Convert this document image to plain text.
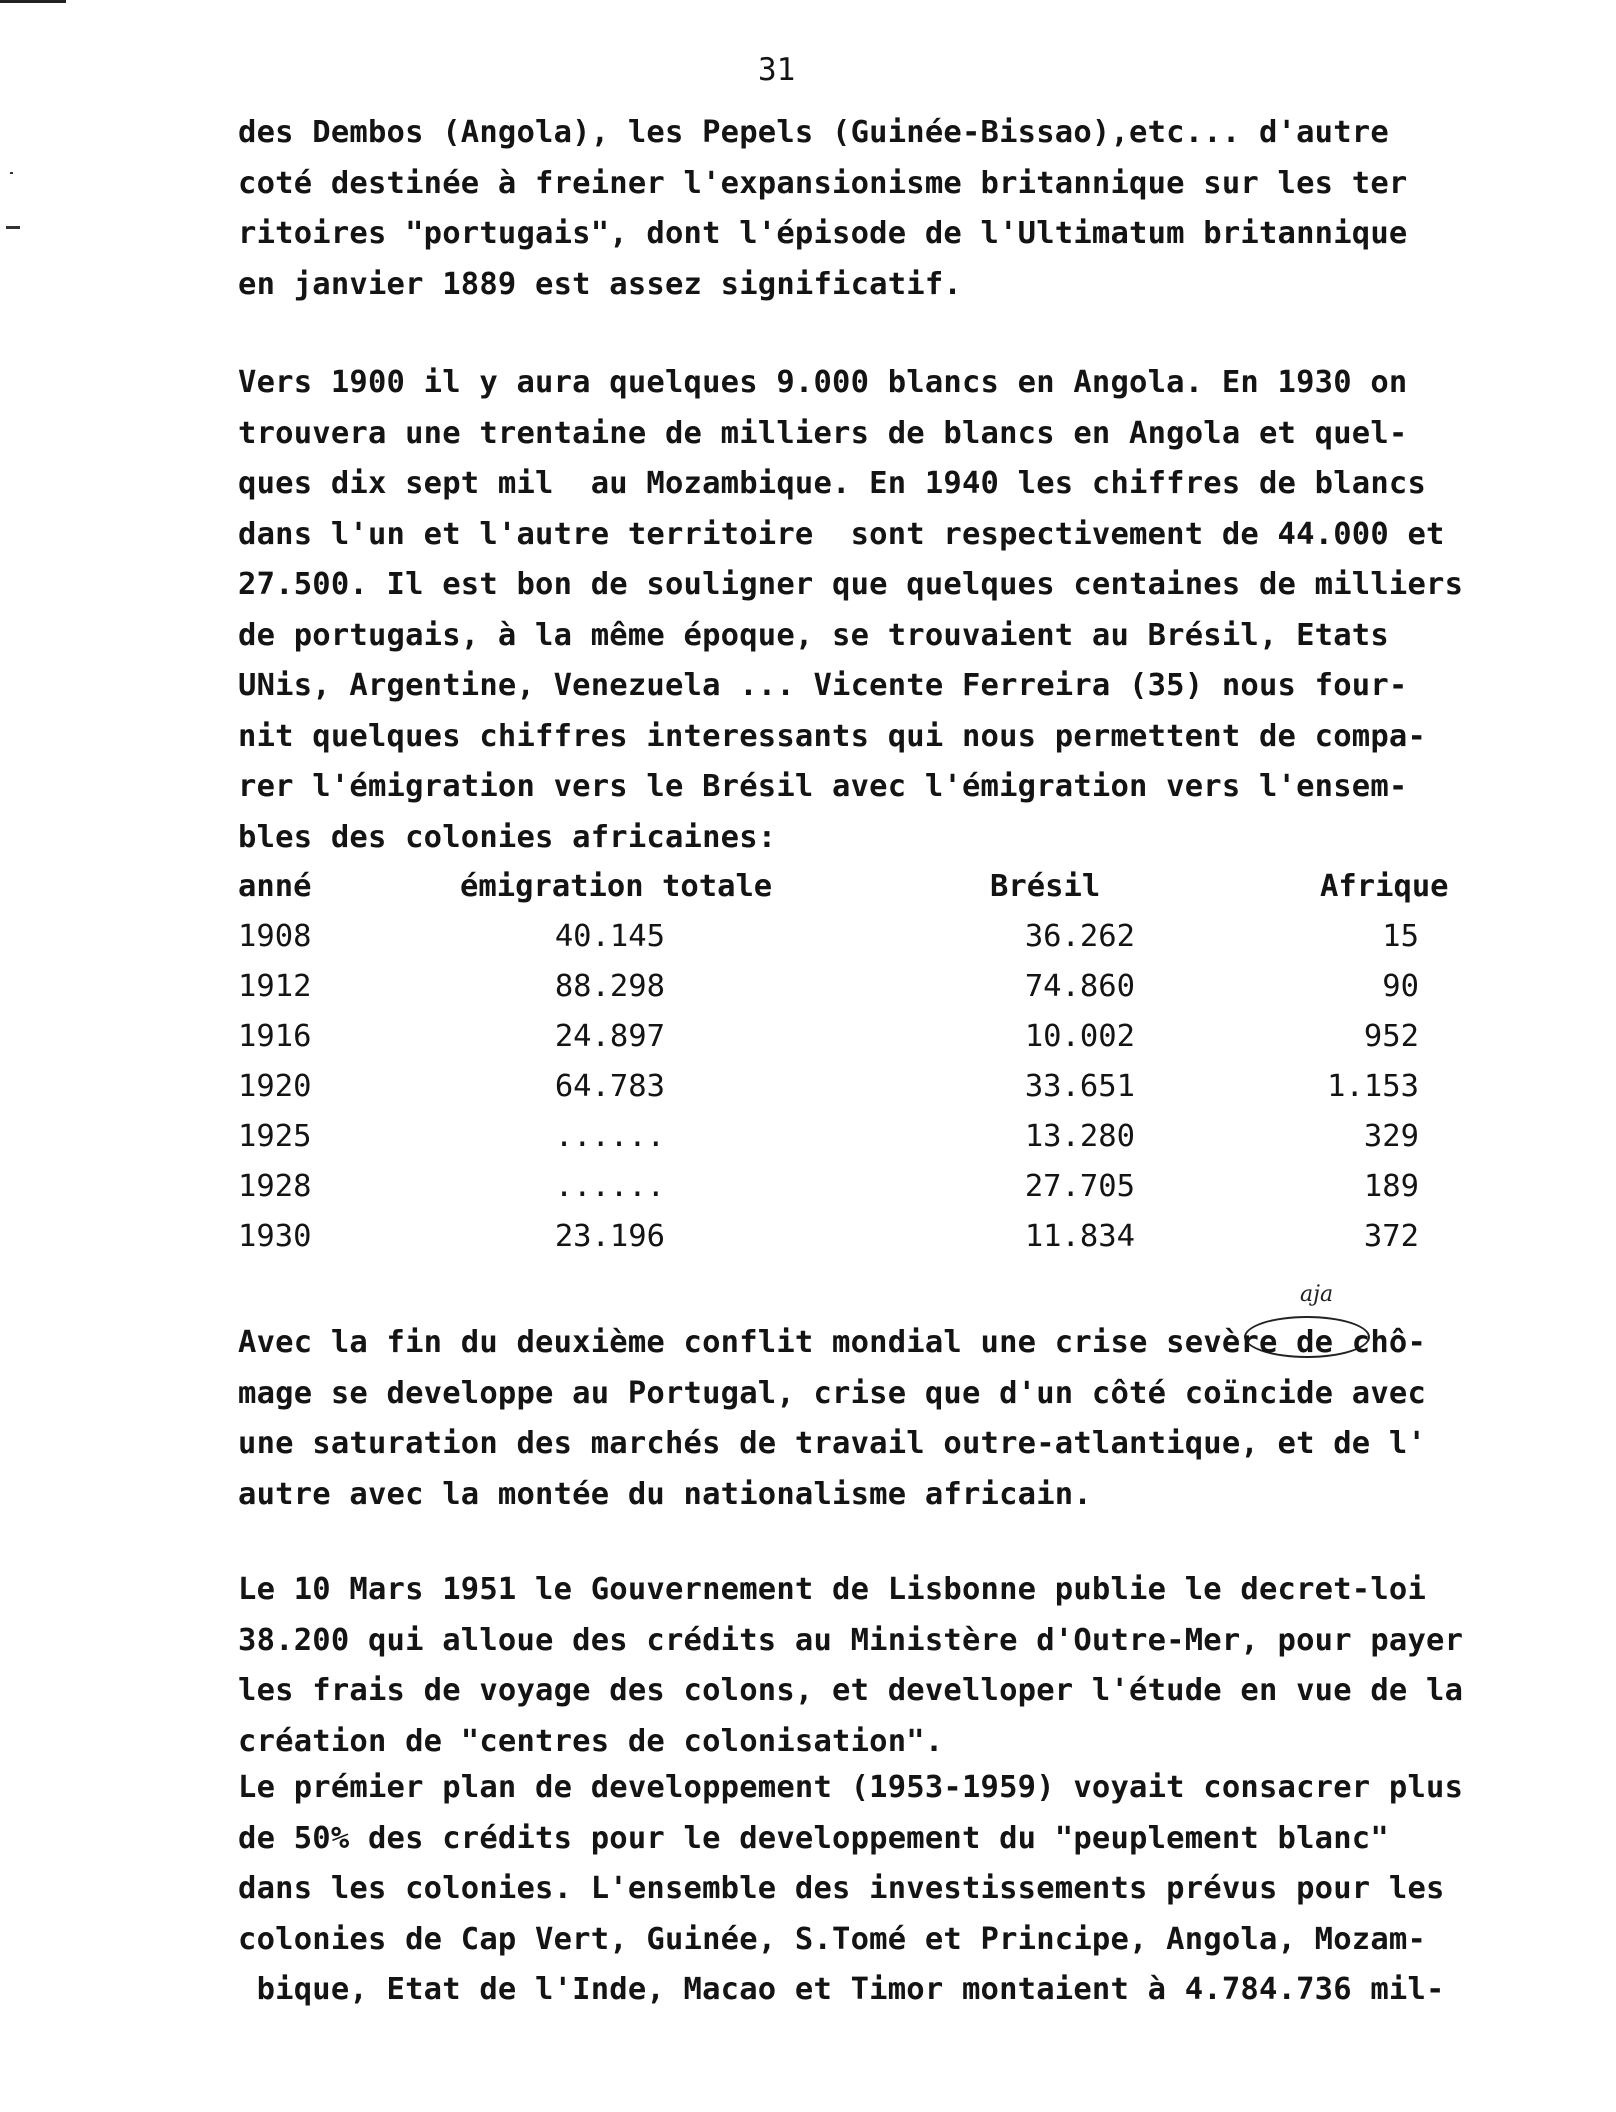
31
des Dembos (Angola), les Pepels (Guinée-Bissao),etc... d'autre
coté destinée à freiner l'expansionisme britannique sur les ter
ritoires "portugais", dont l'épisode de l'Ultimatum britannique
en janvier 1889 est assez significatif.
Vers 1900 il y aura quelques 9.000 blancs en Angola. En 1930 on
trouvera une trentaine de milliers de blancs en Angola et quel-
ques dix sept mil  au Mozambique. En 1940 les chiffres de blancs
dans l'un et l'autre territoire  sont respectivement de 44.000 et
27.500. Il est bon de souligner que quelques centaines de milliers
de portugais, à la même époque, se trouvaient au Brésil, Etats
UNis, Argentine, Venezuela ... Vicente Ferreira (35) nous four-
nit quelques chiffres interessants qui nous permettent de compa-
rer l'émigration vers le Brésil avec l'émigration vers l'ensem-
bles des colonies africaines:
anné	émigration totale	Brésil	Afrique
1908	40.145	36.262	15
1912	88.298	74.860	90
1916	24.897	10.002	952
1920	64.783	33.651	1.153
1925	......	13.280	329
1928	......	27.705	189
1930	23.196	11.834	372
aja
Avec la fin du deuxième conflit mondial une crise sevère de chô-
mage se developpe au Portugal, crise que d'un côté coïncide avec
une saturation des marchés de travail outre-atlantique, et de l'
autre avec la montée du nationalisme africain.
Le 10 Mars 1951 le Gouvernement de Lisbonne publie le decret-loi
38.200 qui alloue des crédits au Ministère d'Outre-Mer, pour payer
les frais de voyage des colons, et develloper l'étude en vue de la
création de "centres de colonisation".
Le prémier plan de developpement (1953-1959) voyait consacrer plus
de 50% des crédits pour le developpement du "peuplement blanc"
dans les colonies. L'ensemble des investissements prévus pour les
colonies de Cap Vert, Guinée, S.Tomé et Principe, Angola, Mozam-
bique, Etat de l'Inde, Macao et Timor montaient à 4.784.736 mil-
